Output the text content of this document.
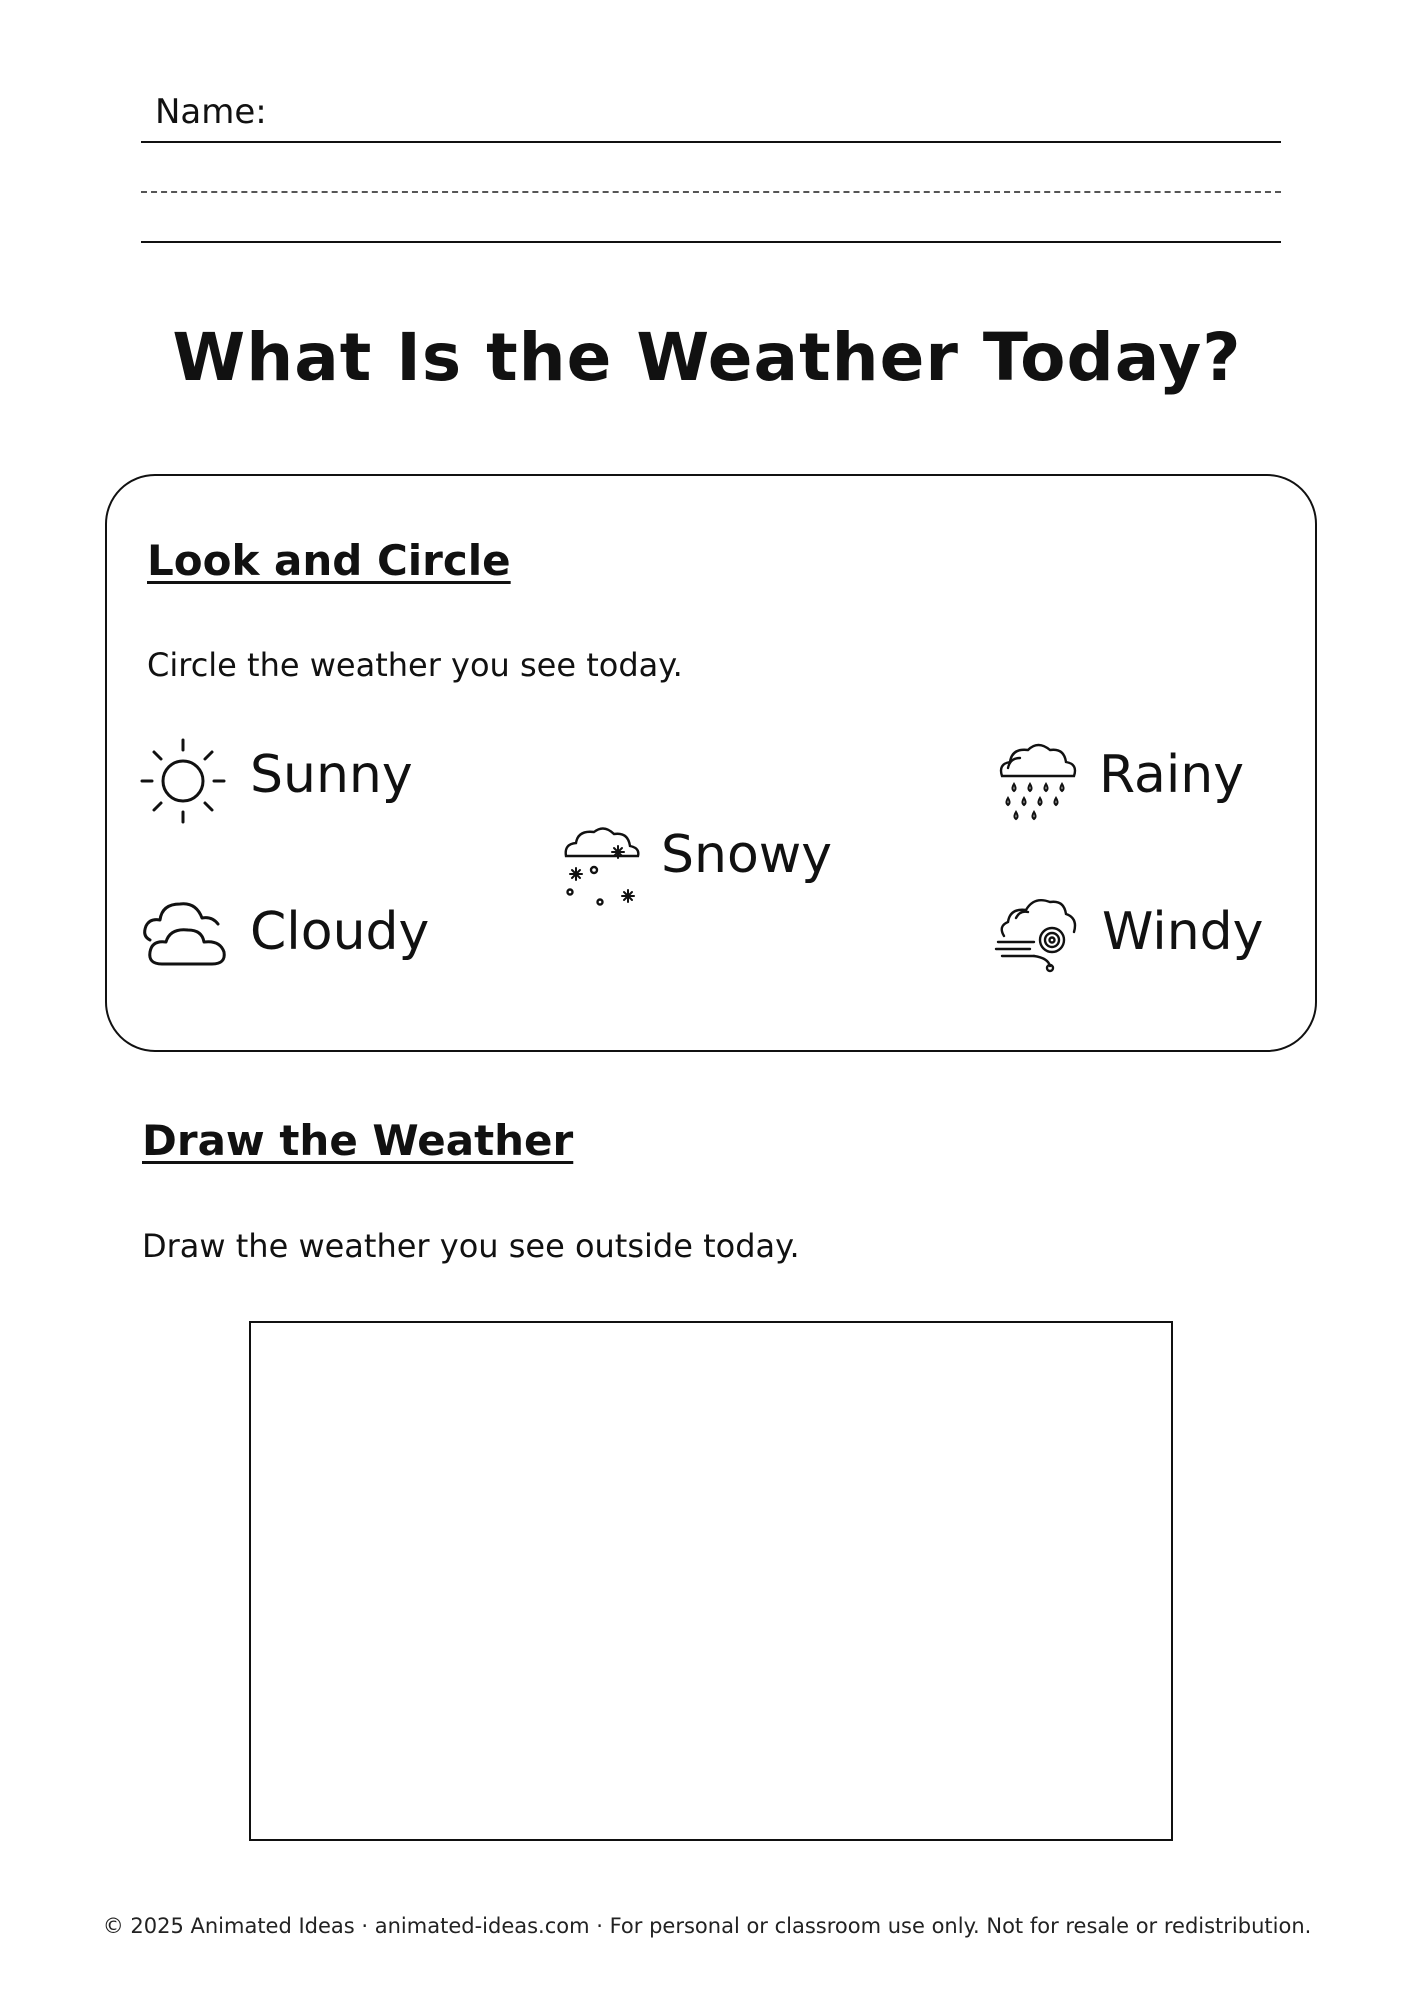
Name:
What Is the Weather Today?
Look and Circle
Circle the weather you see today.
Sunny
Snowy
Rainy
Cloudy	Windy
Draw the Weather
Draw the weather you see outside today.
© 2025 Animated Ideas · animated-ideas.com · For personal or classroom use only. Not for resale or redistribution.
